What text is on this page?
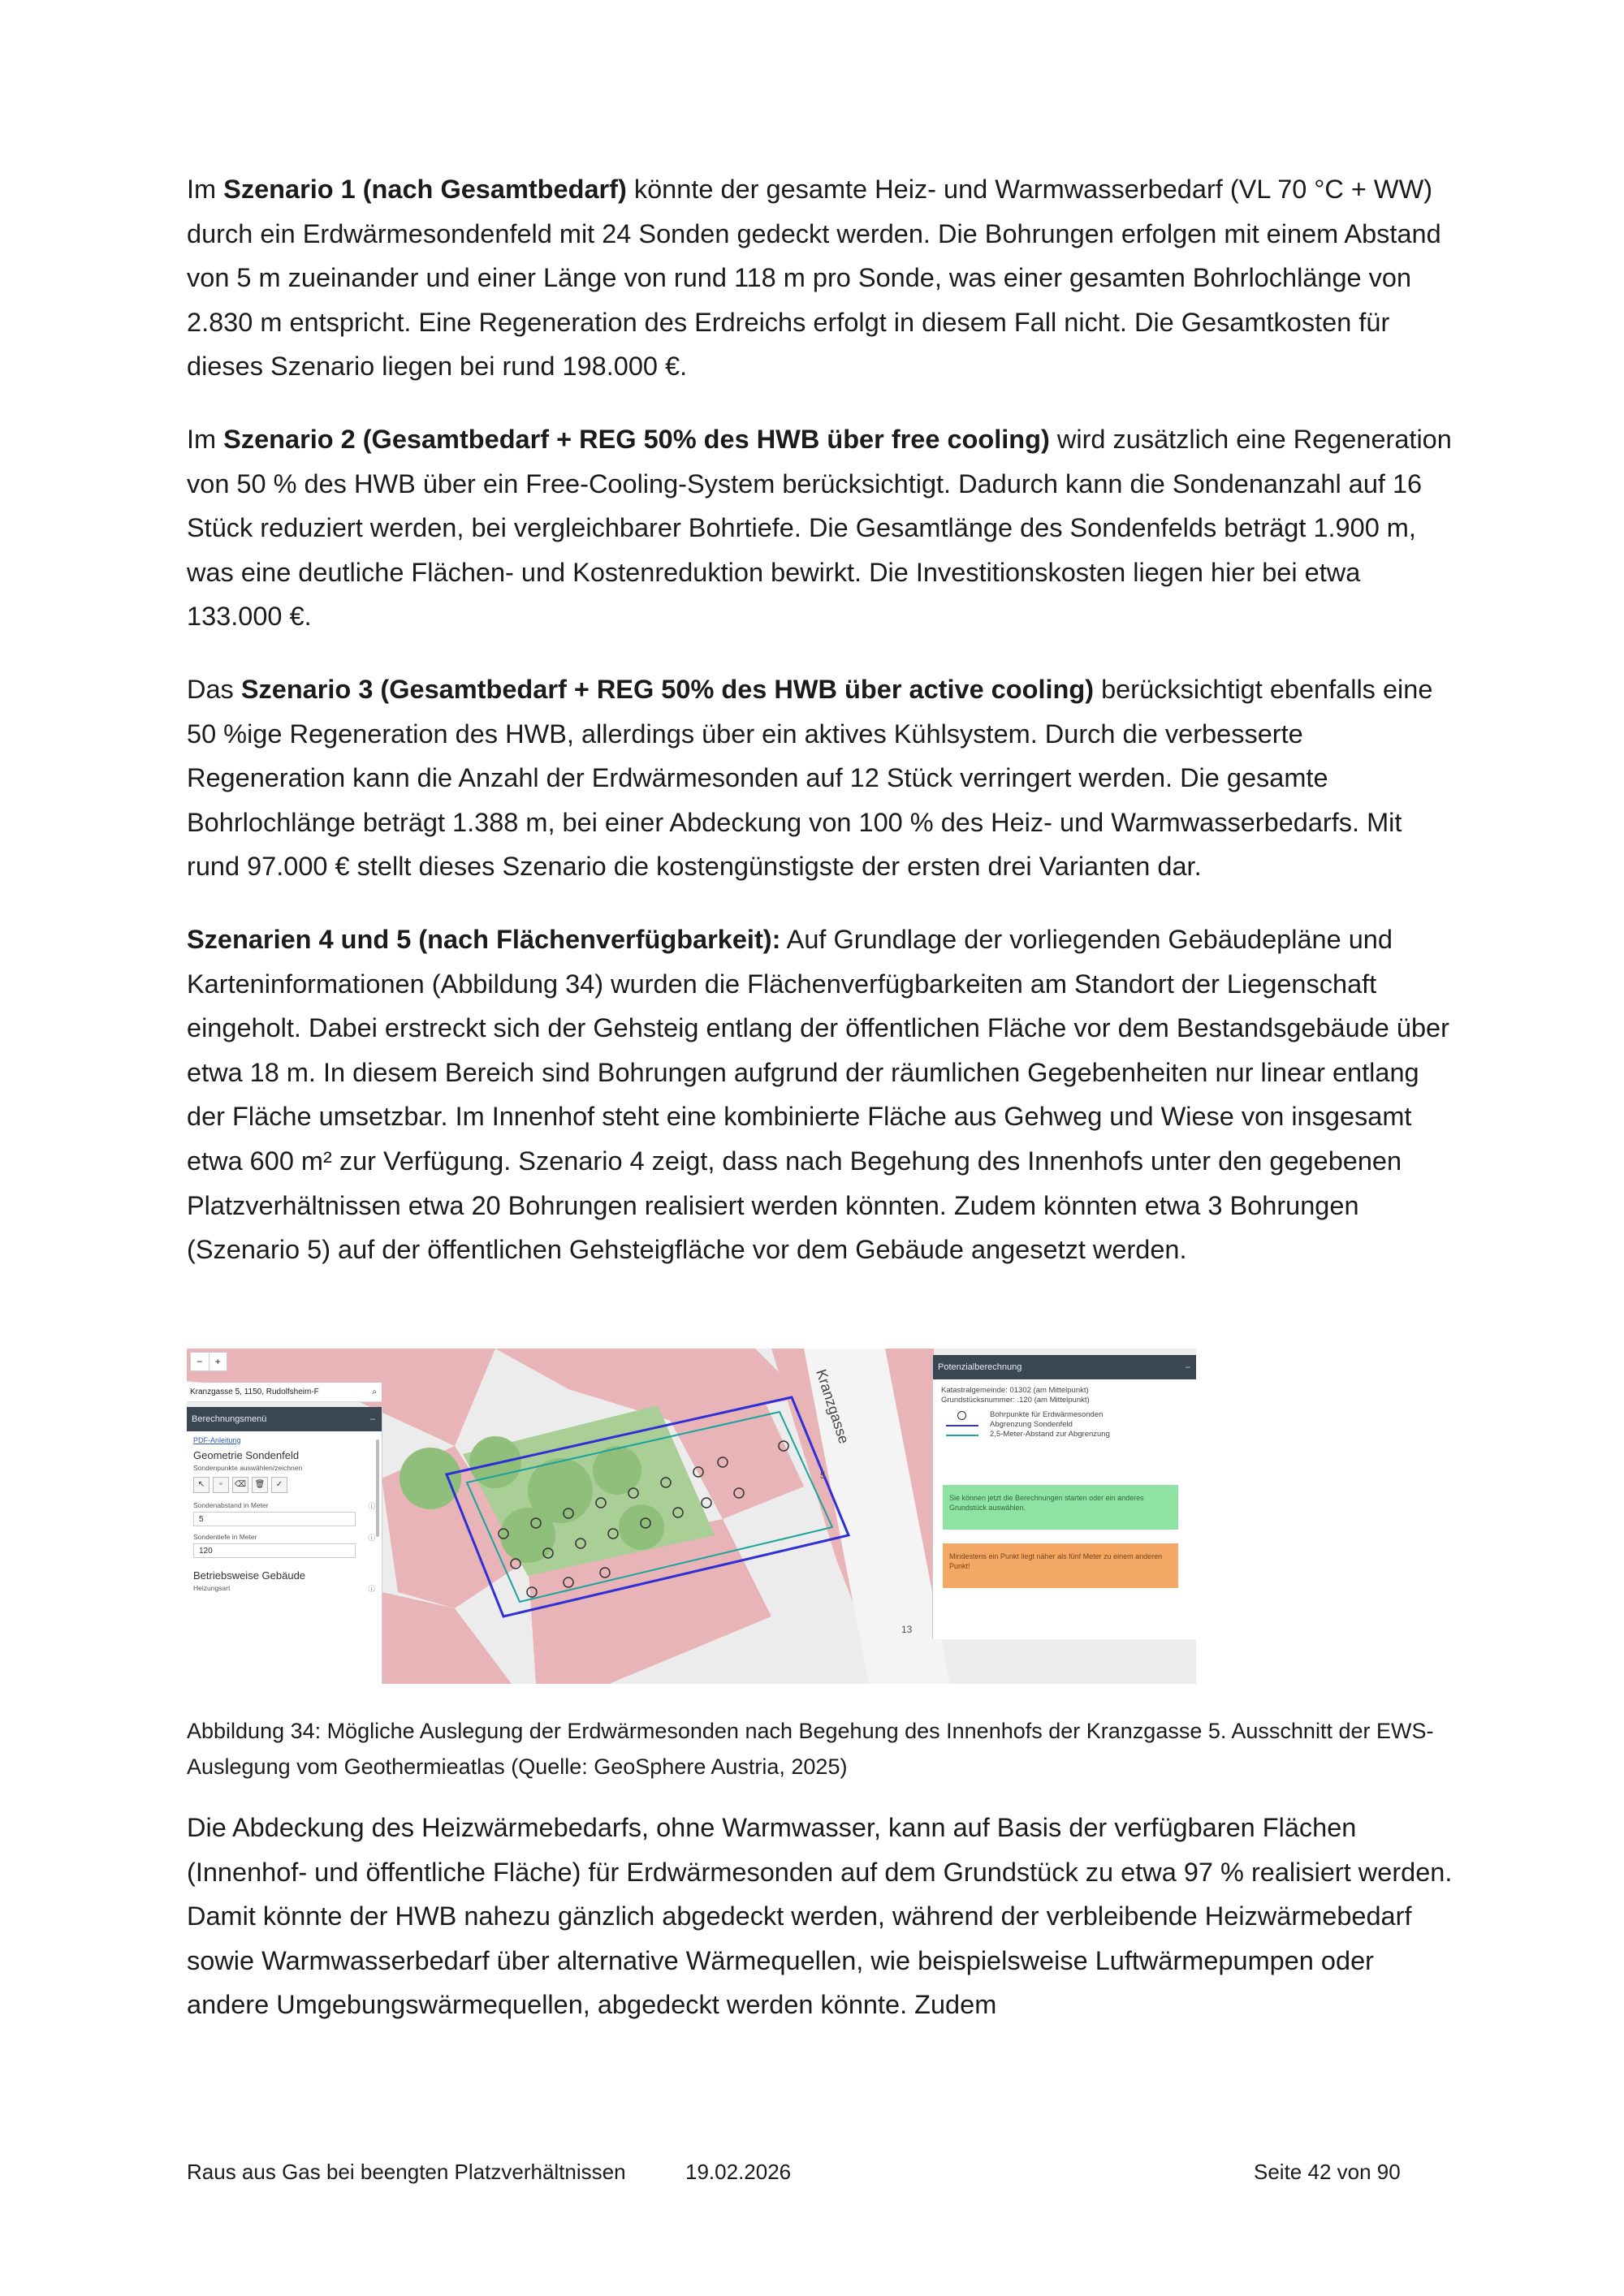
Im Szenario 1 (nach Gesamtbedarf) könnte der gesamte Heiz- und Warmwasserbedarf (VL 70 °C + WW) durch ein Erdwärmesondenfeld mit 24 Sonden gedeckt werden. Die Bohrungen erfolgen mit einem Abstand von 5 m zueinander und einer Länge von rund 118 m pro Sonde, was einer gesamten Bohrlochlänge von 2.830 m entspricht. Eine Regeneration des Erdreichs erfolgt in diesem Fall nicht. Die Gesamtkosten für dieses Szenario liegen bei rund 198.000 €.

Im Szenario 2 (Gesamtbedarf + REG 50% des HWB über free cooling) wird zusätzlich eine Regeneration von 50 % des HWB über ein Free-Cooling-System berücksichtigt. Dadurch kann die Sondenanzahl auf 16 Stück reduziert werden, bei vergleichbarer Bohrtiefe. Die Gesamtlänge des Sondenfelds beträgt 1.900 m, was eine deutliche Flächen- und Kostenreduktion bewirkt. Die Investitionskosten liegen hier bei etwa 133.000 €.

Das Szenario 3 (Gesamtbedarf + REG 50% des HWB über active cooling) berücksichtigt ebenfalls eine 50 %ige Regeneration des HWB, allerdings über ein aktives Kühlsystem. Durch die verbesserte Regeneration kann die Anzahl der Erdwärmesonden auf 12 Stück verringert werden. Die gesamte Bohrlochlänge beträgt 1.388 m, bei einer Abdeckung von 100 % des Heiz- und Warmwasserbedarfs. Mit rund 97.000 € stellt dieses Szenario die kostengünstigste der ersten drei Varianten dar.

Szenarien 4 und 5 (nach Flächenverfügbarkeit): Auf Grundlage der vorliegenden Gebäudepläne und Karteninformationen (Abbildung 34) wurden die Flächenverfügbarkeiten am Standort der Liegenschaft eingeholt. Dabei erstreckt sich der Gehsteig entlang der öffentlichen Fläche vor dem Bestandsgebäude über etwa 18 m. In diesem Bereich sind Bohrungen aufgrund der räumlichen Gegebenheiten nur linear entlang der Fläche umsetzbar. Im Innenhof steht eine kombinierte Fläche aus Gehweg und Wiese von insgesamt etwa 600 m² zur Verfügung. Szenario 4 zeigt, dass nach Begehung des Innenhofs unter den gegebenen Platzverhältnissen etwa 20 Bohrungen realisiert werden könnten. Zudem könnten etwa 3 Bohrungen (Szenario 5) auf der öffentlichen Gehsteigfläche vor dem Gebäude angesetzt werden.

Kranzgasse
5
13
−	+
Kranzgasse 5, 1150, Rudolfsheim-F	⌕
Berechnungsmenü	–
PDF-Anleitung
Geometrie Sondenfeld
Sondenpunkte auswählen/zeichnen
↖ ▫ ⌫ 🗑 ✓
Sondenabstand in Meter	ⓘ
5
Sondentiefe in Meter	ⓘ
120
Betriebsweise Gebäude
Heizungsart	ⓘ
Potenzialberechnung	–
Katastralgemeinde: 01302 (am Mittelpunkt)
Grundstücksnummer: .120 (am Mittelpunkt)
Bohrpunkte für Erdwärmesonden
Abgrenzung Sondenfeld
2,5-Meter-Abstand zur Abgrenzung
Sie können jetzt die Berechnungen starten oder ein anderes Grundstück auswählen.
Mindestens ein Punkt liegt näher als fünf Meter zu einem anderen Punkt!

Abbildung 34: Mögliche Auslegung der Erdwärmesonden nach Begehung des Innenhofs der Kranzgasse 5. Ausschnitt der EWS-Auslegung vom Geothermieatlas (Quelle: GeoSphere Austria, 2025)

Die Abdeckung des Heizwärmebedarfs, ohne Warmwasser, kann auf Basis der verfügbaren Flächen (Innenhof- und öffentliche Fläche) für Erdwärmesonden auf dem Grundstück zu etwa 97 % realisiert werden. Damit könnte der HWB nahezu gänzlich abgedeckt werden, während der verbleibende Heizwärmebedarf sowie Warmwasserbedarf über alternative Wärmequellen, wie beispielsweise Luftwärmepumpen oder andere Umgebungswärmequellen, abgedeckt werden könnte. Zudem

Raus aus Gas bei beengten Platzverhältnissen	19.02.2026	Seite 42 von 90
